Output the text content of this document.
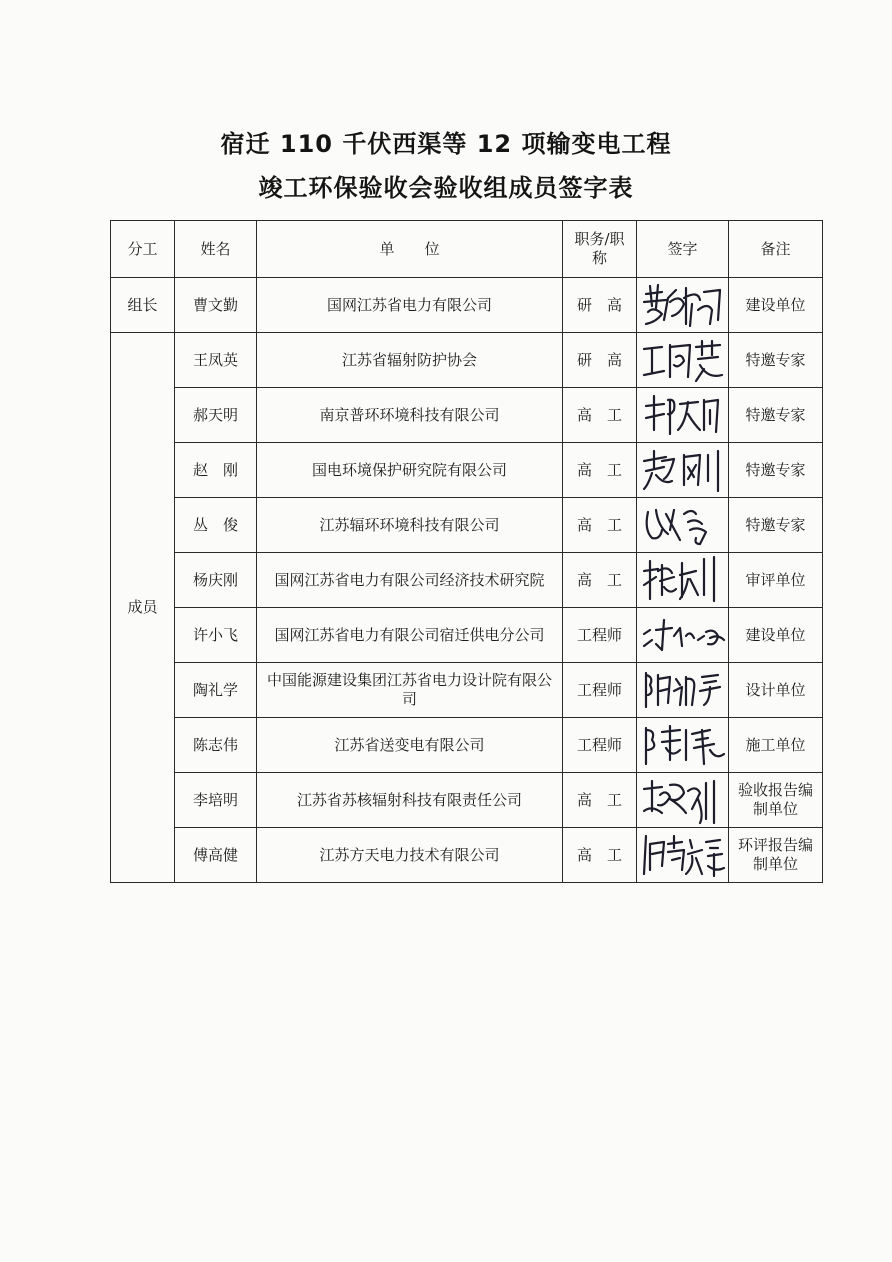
宿迁 110 千伏西渠等 12 项输变电工程
竣工环保验收会验收组成员签字表
分工	姓名	单　　位	职务/职称	签字	备注
组长	曹文勤	国网江苏省电力有限公司	研　高		建设单位
成员	王凤英	江苏省辐射防护协会	研　高		特邀专家
	郝天明	南京普环环境科技有限公司	高　工		特邀专家
	赵　刚	国电环境保护研究院有限公司	高　工		特邀专家
	丛　俊	江苏辐环环境科技有限公司	高　工		特邀专家
	杨庆刚	国网江苏省电力有限公司经济技术研究院	高　工		审评单位
	许小飞	国网江苏省电力有限公司宿迁供电分公司	工程师		建设单位
	陶礼学	中国能源建设集团江苏省电力设计院有限公司	工程师		设计单位
	陈志伟	江苏省送变电有限公司	工程师		施工单位
	李培明	江苏省苏核辐射科技有限责任公司	高　工		验收报告编制单位
	傅高健	江苏方天电力技术有限公司	高　工		环评报告编制单位
